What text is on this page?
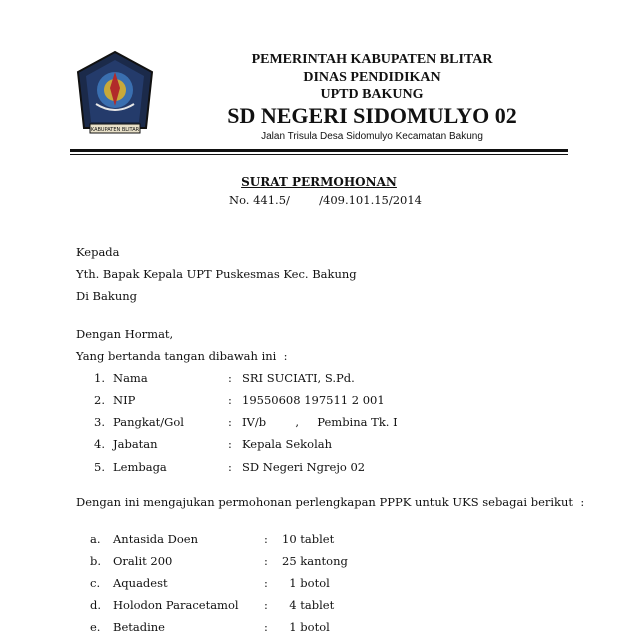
KABUPATEN BLITAR
PEMERINTAH KABUPATEN BLITAR
DINAS PENDIDIKAN
UPTD BAKUNG
SD NEGERI SIDOMULYO 02
Jalan Trisula Desa Sidomulyo Kecamatan Bakung
SURAT PERMOHONAN
No. 441.5/        /409.101.15/2014
Kepada
Yth. Bapak Kepala UPT Puskesmas Kec. Bakung
Di Bakung
Dengan Hormat,
Yang bertanda tangan dibawah ini  :
1. Nama	: SRI SUCIATI, S.Pd.
2. NIP	: 19550608 197511 2 001
3. Pangkat/Gol	: IV/b        ,     Pembina Tk. I
4. Jabatan	: Kepala Sekolah
5. Lembaga	: SD Negeri Ngrejo 02
Dengan ini mengajukan permohonan perlengkapan PPPK untuk UKS sebagai berikut  :
a. Antasida Doen	: 10 tablet
b. Oralit 200	: 25 kantong
c. Aquadest	: 1 botol
d. Holodon Paracetamol : 4 tablet
e. Betadine	: 1 botol
